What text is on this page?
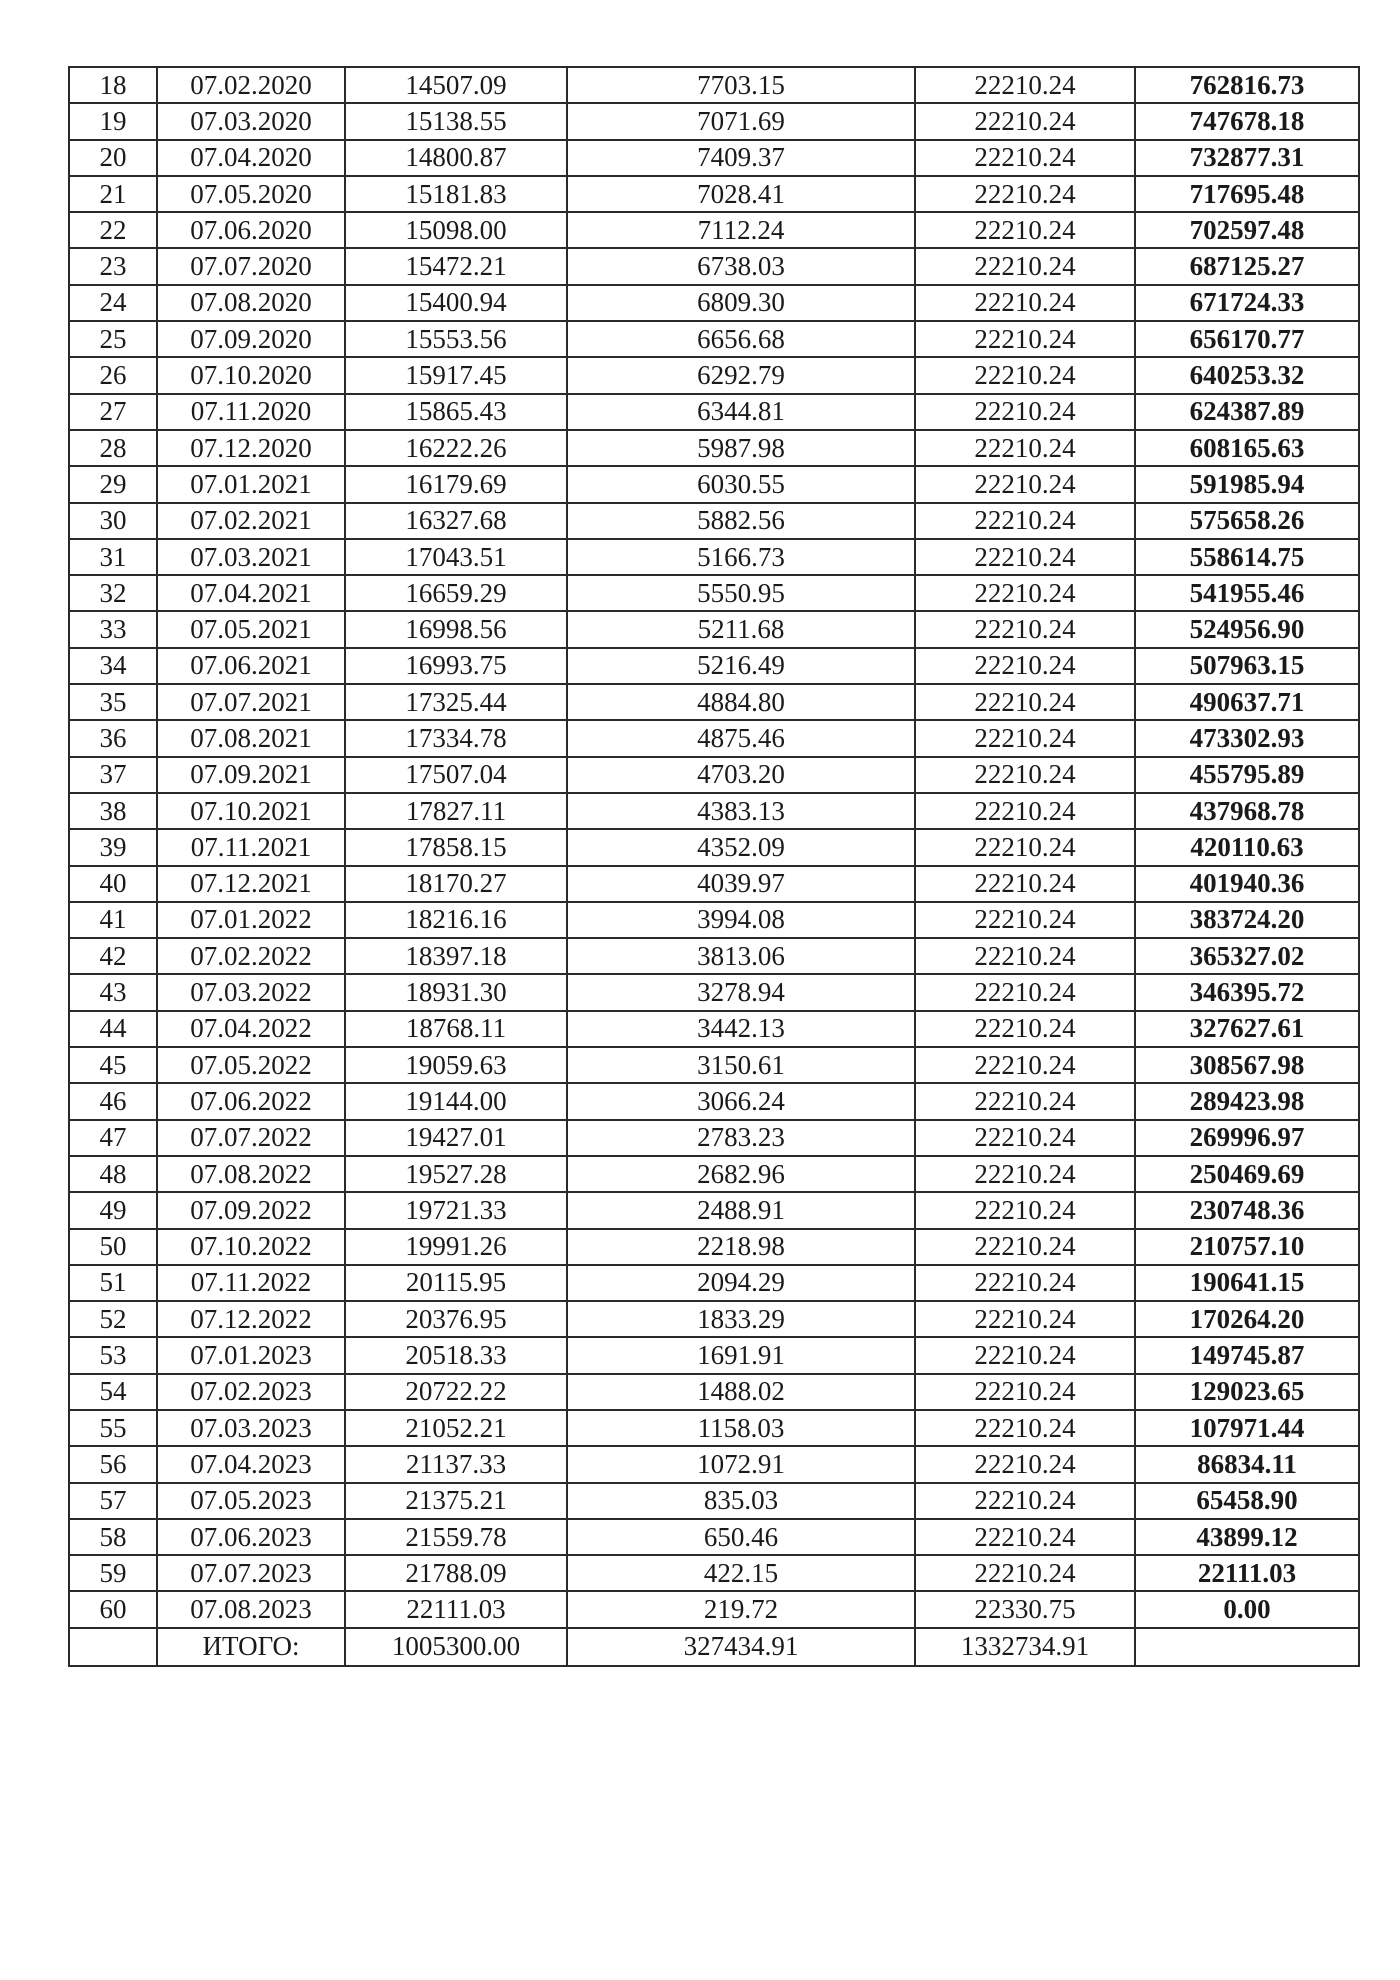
18	07.02.2020	14507.09	7703.15	22210.24	762816.73
19	07.03.2020	15138.55	7071.69	22210.24	747678.18
20	07.04.2020	14800.87	7409.37	22210.24	732877.31
21	07.05.2020	15181.83	7028.41	22210.24	717695.48
22	07.06.2020	15098.00	7112.24	22210.24	702597.48
23	07.07.2020	15472.21	6738.03	22210.24	687125.27
24	07.08.2020	15400.94	6809.30	22210.24	671724.33
25	07.09.2020	15553.56	6656.68	22210.24	656170.77
26	07.10.2020	15917.45	6292.79	22210.24	640253.32
27	07.11.2020	15865.43	6344.81	22210.24	624387.89
28	07.12.2020	16222.26	5987.98	22210.24	608165.63
29	07.01.2021	16179.69	6030.55	22210.24	591985.94
30	07.02.2021	16327.68	5882.56	22210.24	575658.26
31	07.03.2021	17043.51	5166.73	22210.24	558614.75
32	07.04.2021	16659.29	5550.95	22210.24	541955.46
33	07.05.2021	16998.56	5211.68	22210.24	524956.90
34	07.06.2021	16993.75	5216.49	22210.24	507963.15
35	07.07.2021	17325.44	4884.80	22210.24	490637.71
36	07.08.2021	17334.78	4875.46	22210.24	473302.93
37	07.09.2021	17507.04	4703.20	22210.24	455795.89
38	07.10.2021	17827.11	4383.13	22210.24	437968.78
39	07.11.2021	17858.15	4352.09	22210.24	420110.63
40	07.12.2021	18170.27	4039.97	22210.24	401940.36
41	07.01.2022	18216.16	3994.08	22210.24	383724.20
42	07.02.2022	18397.18	3813.06	22210.24	365327.02
43	07.03.2022	18931.30	3278.94	22210.24	346395.72
44	07.04.2022	18768.11	3442.13	22210.24	327627.61
45	07.05.2022	19059.63	3150.61	22210.24	308567.98
46	07.06.2022	19144.00	3066.24	22210.24	289423.98
47	07.07.2022	19427.01	2783.23	22210.24	269996.97
48	07.08.2022	19527.28	2682.96	22210.24	250469.69
49	07.09.2022	19721.33	2488.91	22210.24	230748.36
50	07.10.2022	19991.26	2218.98	22210.24	210757.10
51	07.11.2022	20115.95	2094.29	22210.24	190641.15
52	07.12.2022	20376.95	1833.29	22210.24	170264.20
53	07.01.2023	20518.33	1691.91	22210.24	149745.87
54	07.02.2023	20722.22	1488.02	22210.24	129023.65
55	07.03.2023	21052.21	1158.03	22210.24	107971.44
56	07.04.2023	21137.33	1072.91	22210.24	86834.11
57	07.05.2023	21375.21	835.03	22210.24	65458.90
58	07.06.2023	21559.78	650.46	22210.24	43899.12
59	07.07.2023	21788.09	422.15	22210.24	22111.03
60	07.08.2023	22111.03	219.72	22330.75	0.00
	ИТОГО:	1005300.00	327434.91	1332734.91	
